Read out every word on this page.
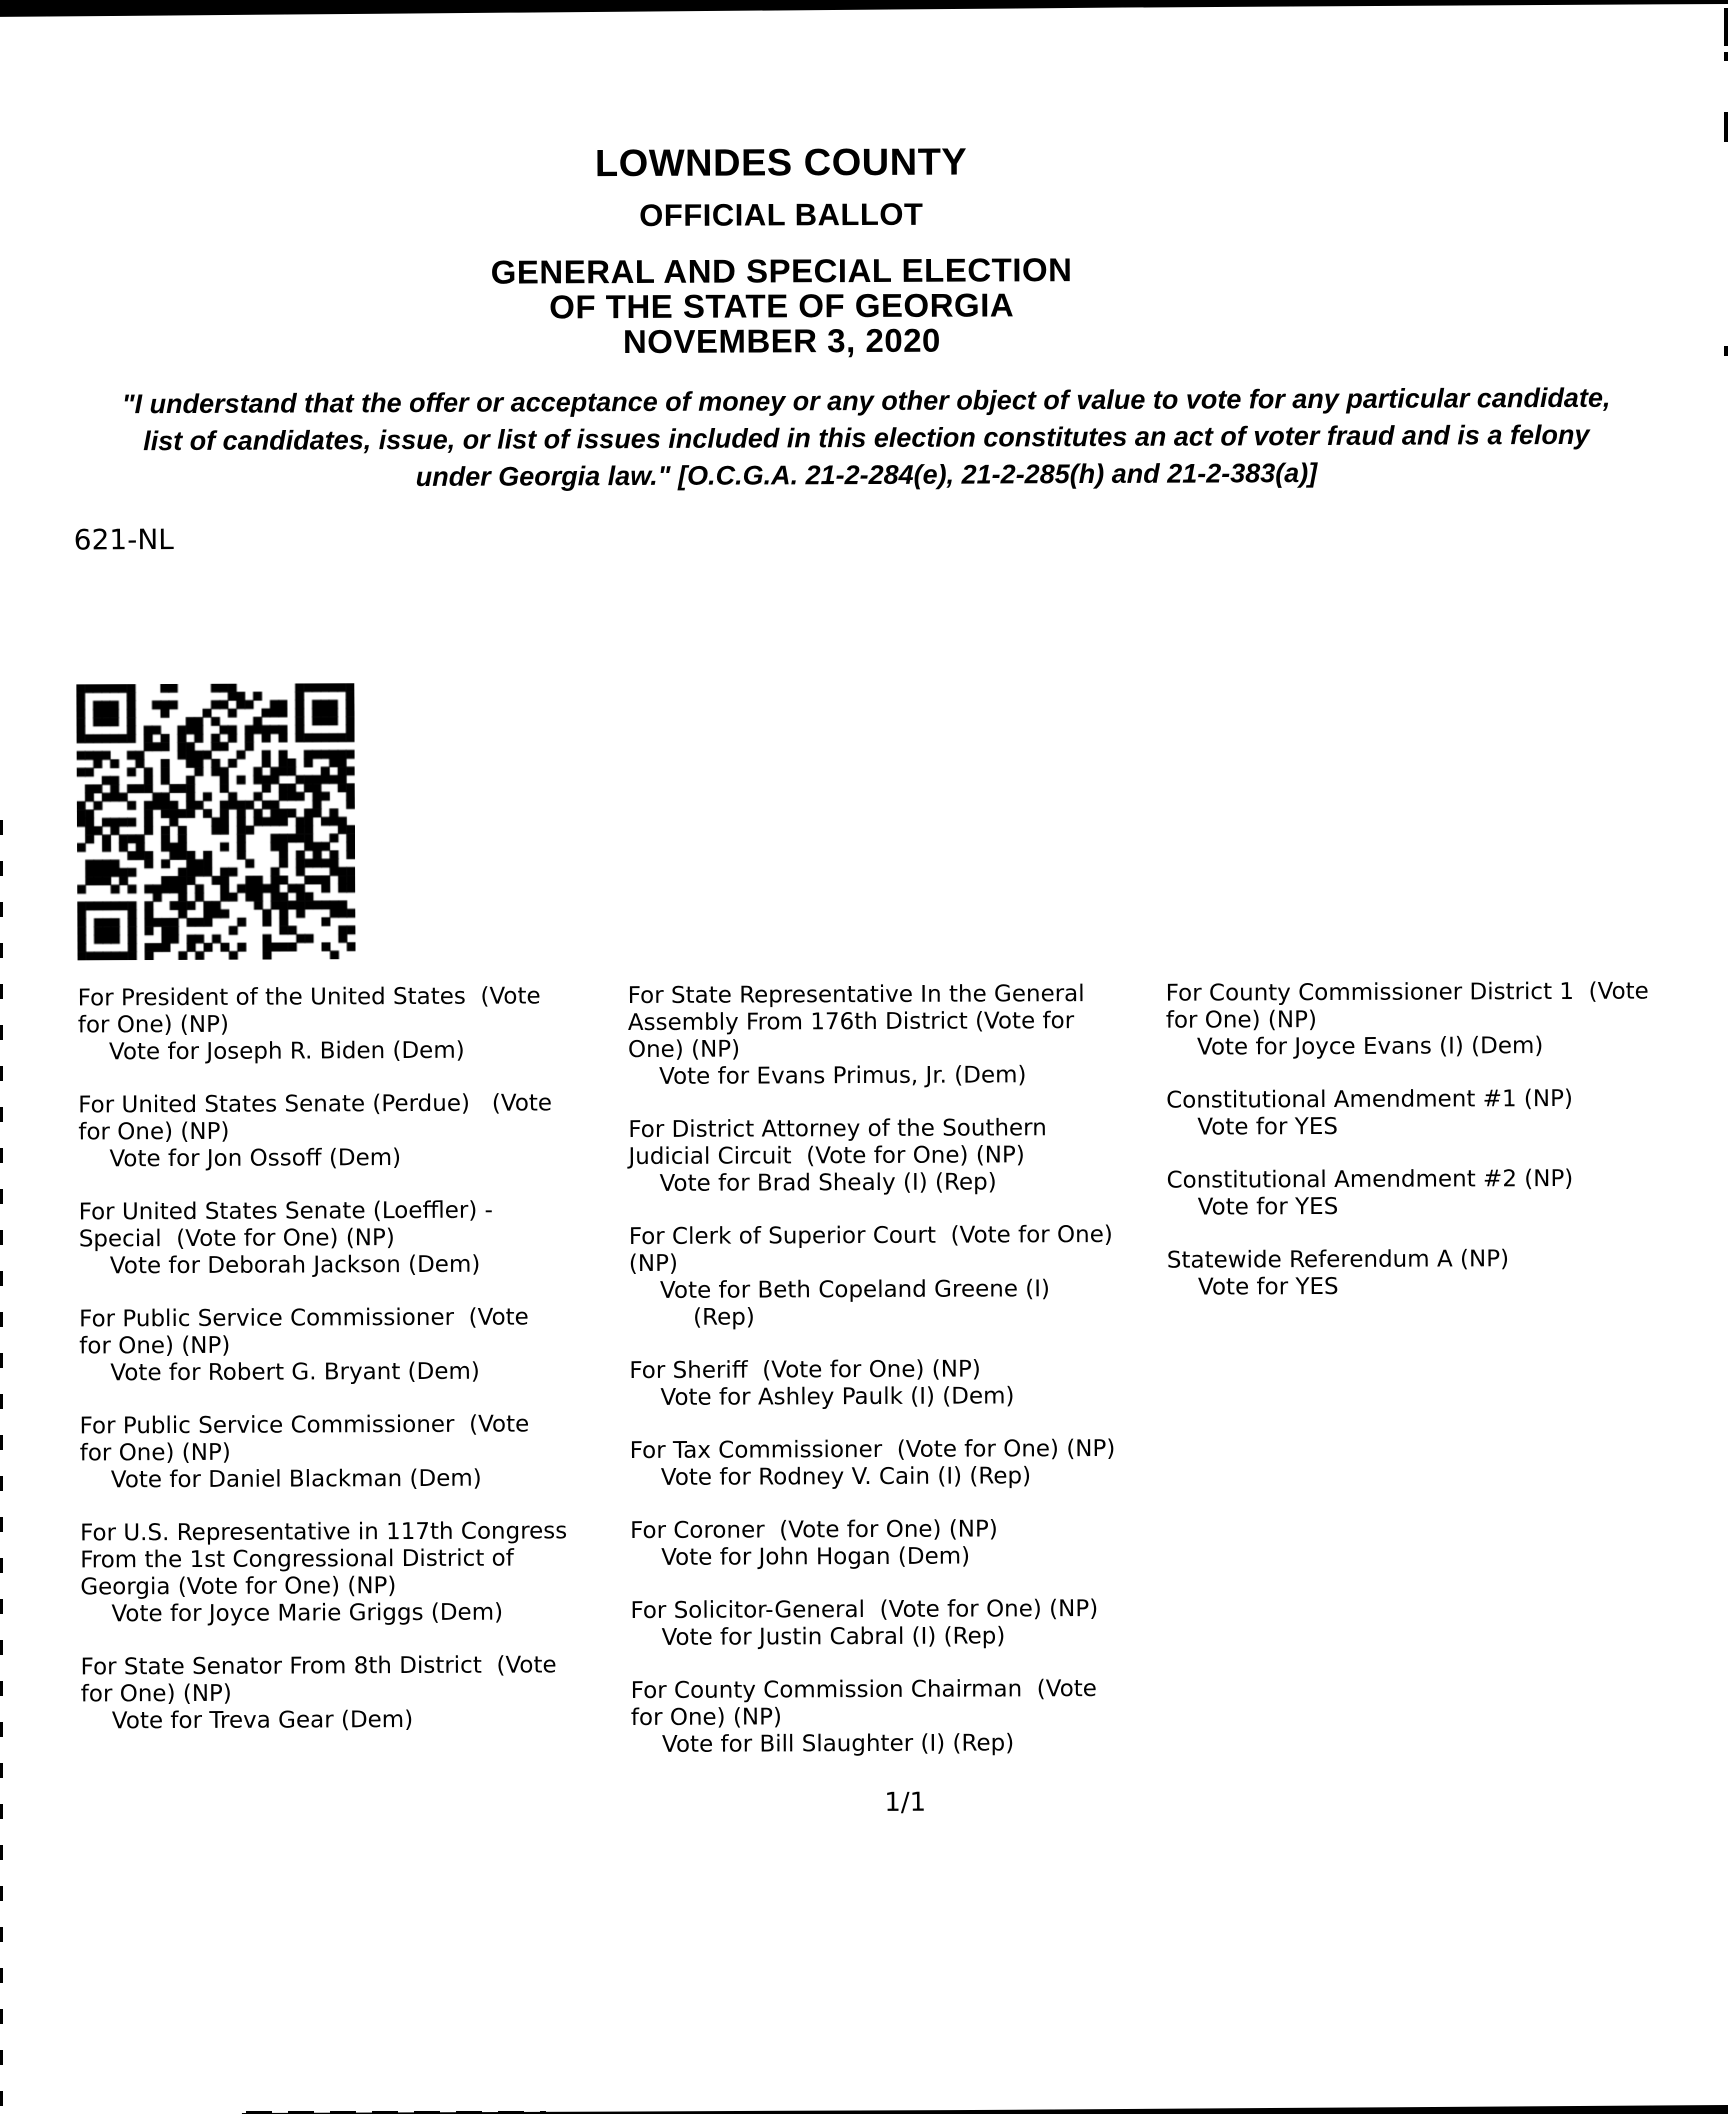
LOWNDES COUNTY
OFFICIAL BALLOT
GENERAL AND SPECIAL ELECTION
OF THE STATE OF GEORGIA
NOVEMBER 3, 2020
"I understand that the offer or acceptance of money or any other object of value to vote for any particular candidate,
list of candidates, issue, or list of issues included in this election constitutes an act of voter fraud and is a felony
under Georgia law." [O.C.G.A. 21-2-284(e), 21-2-285(h) and 21-2-383(a)]
621-NL
For President of the United States  (Vote
for One) (NP)
Vote for Joseph R. Biden (Dem)
For United States Senate (Perdue)   (Vote
for One) (NP)
Vote for Jon Ossoff (Dem)
For United States Senate (Loeffler) -
Special  (Vote for One) (NP)
Vote for Deborah Jackson (Dem)
For Public Service Commissioner  (Vote
for One) (NP)
Vote for Robert G. Bryant (Dem)
For Public Service Commissioner  (Vote
for One) (NP)
Vote for Daniel Blackman (Dem)
For U.S. Representative in 117th Congress
From the 1st Congressional District of
Georgia (Vote for One) (NP)
Vote for Joyce Marie Griggs (Dem)
For State Senator From 8th District  (Vote
for One) (NP)
Vote for Treva Gear (Dem)
For State Representative In the General
Assembly From 176th District (Vote for
One) (NP)
Vote for Evans Primus, Jr. (Dem)
For District Attorney of the Southern
Judicial Circuit  (Vote for One) (NP)
Vote for Brad Shealy (I) (Rep)
For Clerk of Superior Court  (Vote for One)
(NP)
Vote for Beth Copeland Greene (I)
(Rep)
For Sheriff  (Vote for One) (NP)
Vote for Ashley Paulk (I) (Dem)
For Tax Commissioner  (Vote for One) (NP)
Vote for Rodney V. Cain (I) (Rep)
For Coroner  (Vote for One) (NP)
Vote for John Hogan (Dem)
For Solicitor-General  (Vote for One) (NP)
Vote for Justin Cabral (I) (Rep)
For County Commission Chairman  (Vote
for One) (NP)
Vote for Bill Slaughter (I) (Rep)
For County Commissioner District 1  (Vote
for One) (NP)
Vote for Joyce Evans (I) (Dem)
Constitutional Amendment #1 (NP)
Vote for YES
Constitutional Amendment #2 (NP)
Vote for YES
Statewide Referendum A (NP)
Vote for YES
1/1
